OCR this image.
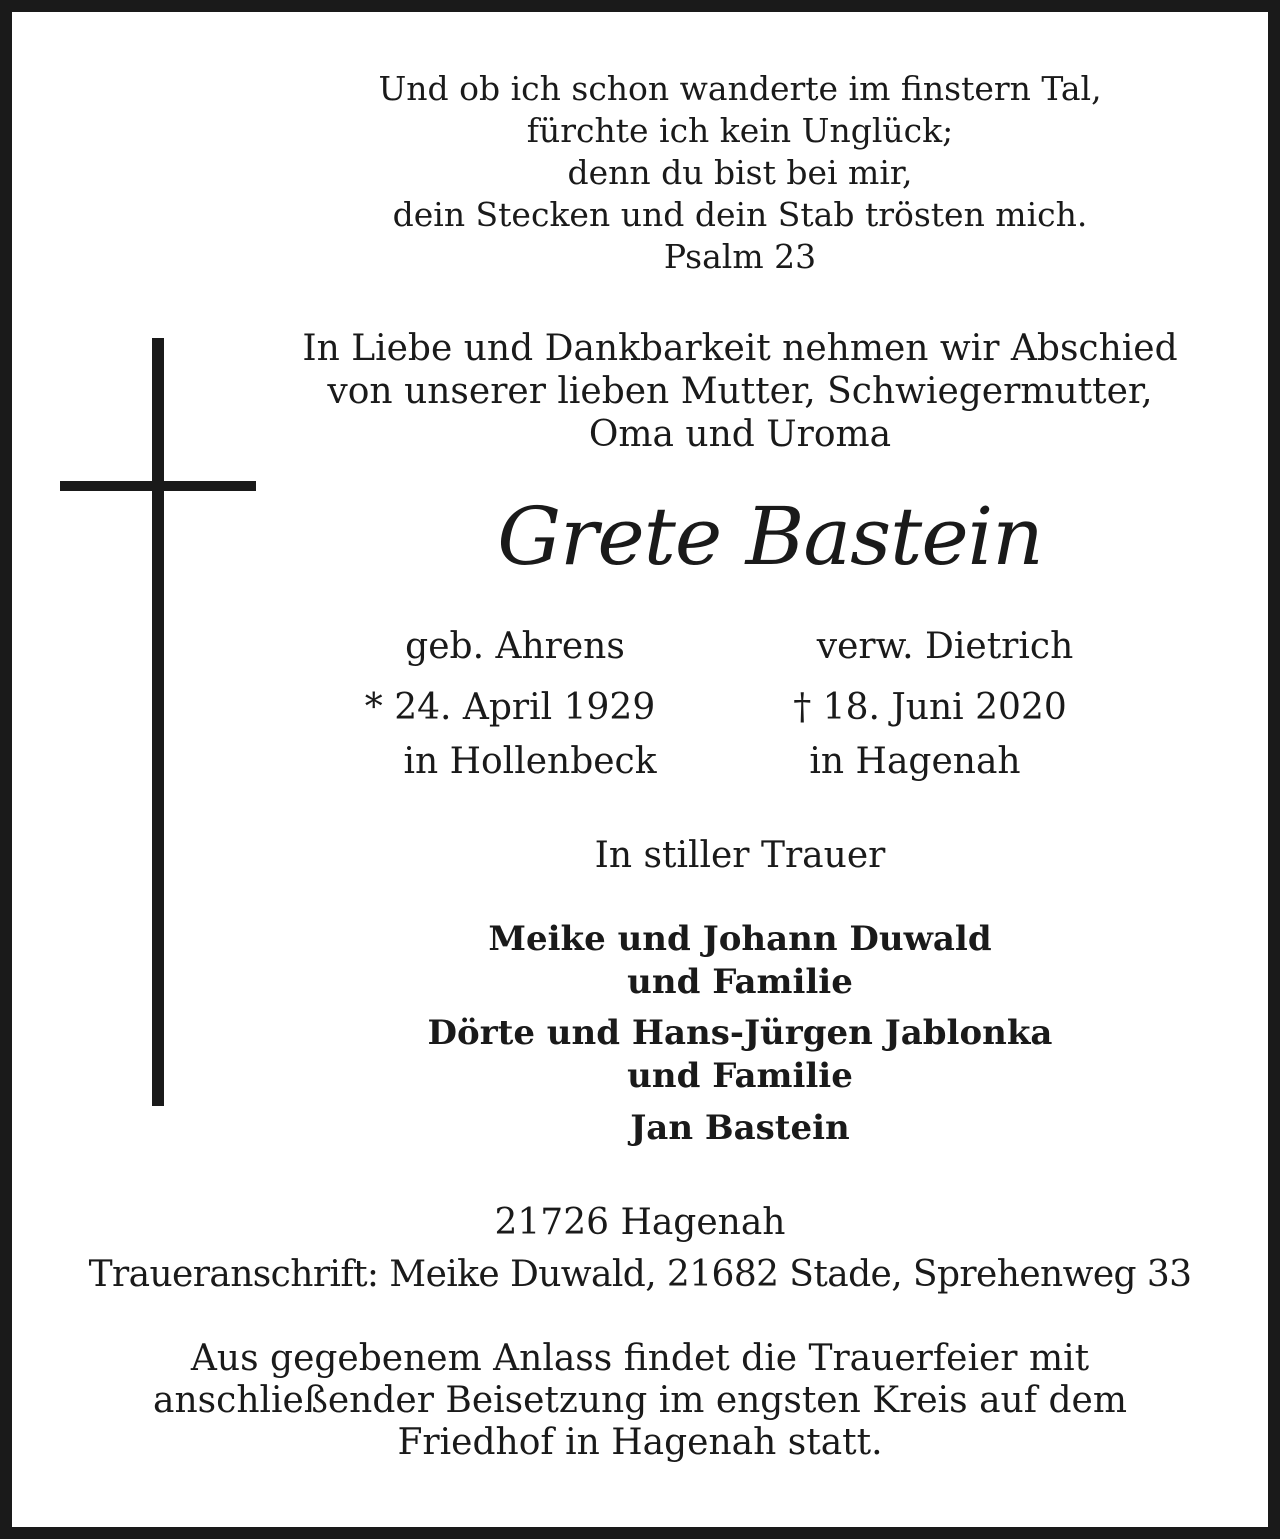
Und ob ich schon wanderte im finstern Tal,
fürchte ich kein Unglück;
denn du bist bei mir,
dein Stecken und dein Stab trösten mich.
Psalm 23
In Liebe und Dankbarkeit nehmen wir Abschied
von unserer lieben Mutter, Schwiegermutter,
Oma und Uroma
Grete Bastein
geb. Ahrens	verw. Dietrich
* 24. April 1929	† 18. Juni 2020
in Hollenbeck	in Hagenah
In stiller Trauer
Meike und Johann Duwald
und Familie
Dörte und Hans-Jürgen Jablonka
und Familie
Jan Bastein
21726 Hagenah
Traueranschrift: Meike Duwald, 21682 Stade, Sprehenweg 33
Aus gegebenem Anlass findet die Trauerfeier mit
anschließender Beisetzung im engsten Kreis auf dem
Friedhof in Hagenah statt.
